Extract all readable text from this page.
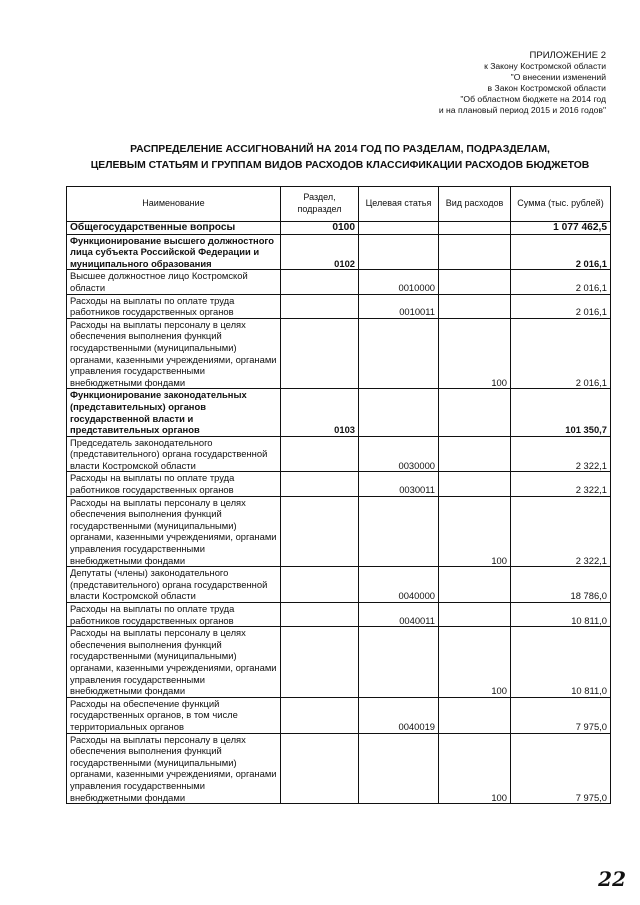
ПРИЛОЖЕНИЕ 2
к Закону Костромской области
"О внесении изменений
в Закон Костромской области
"Об областном бюджете на 2014 год
и на плановый период 2015 и 2016 годов"
РАСПРЕДЕЛЕНИЕ АССИГНОВАНИЙ НА 2014 ГОД ПО РАЗДЕЛАМ, ПОДРАЗДЕЛАМ,
ЦЕЛЕВЫМ СТАТЬЯМ И ГРУППАМ ВИДОВ РАСХОДОВ КЛАССИФИКАЦИИ РАСХОДОВ БЮДЖЕТОВ
Наименование	Раздел, подраздел	Целевая статья	Вид расходов	Сумма (тыс. рублей)
Общегосударственные вопросы	0100			1 077 462,5
Функционирование высшего должностного лица субъекта Российской Федерации и муниципального образования	0102			2 016,1
Высшее должностное лицо Костромской области		0010000		2 016,1
Расходы на выплаты по оплате труда работников государственных органов		0010011		2 016,1
Расходы на выплаты персоналу в целях обеспечения выполнения функций государственными (муниципальными) органами, казенными учреждениями, органами управления государственными внебюджетными фондами			100	2 016,1
Функционирование законодательных (представительных) органов государственной власти и представительных органов	0103			101 350,7
Председатель законодательного (представительного) органа государственной власти Костромской области		0030000		2 322,1
Расходы на выплаты по оплате труда работников государственных органов		0030011		2 322,1
Расходы на выплаты персоналу в целях обеспечения выполнения функций государственными (муниципальными) органами, казенными учреждениями, органами управления государственными внебюджетными фондами			100	2 322,1
Депутаты (члены) законодательного (представительного) органа государственной власти Костромской области		0040000		18 786,0
Расходы на выплаты по оплате труда работников государственных органов		0040011		10 811,0
Расходы на выплаты персоналу в целях обеспечения выполнения функций государственными (муниципальными) органами, казенными учреждениями, органами управления государственными внебюджетными фондами			100	10 811,0
Расходы на обеспечение функций государственных органов, в том числе территориальных органов		0040019		7 975,0
Расходы на выплаты персоналу в целях обеспечения выполнения функций государственными (муниципальными) органами, казенными учреждениями, органами управления государственными внебюджетными фондами			100	7 975,0
22
